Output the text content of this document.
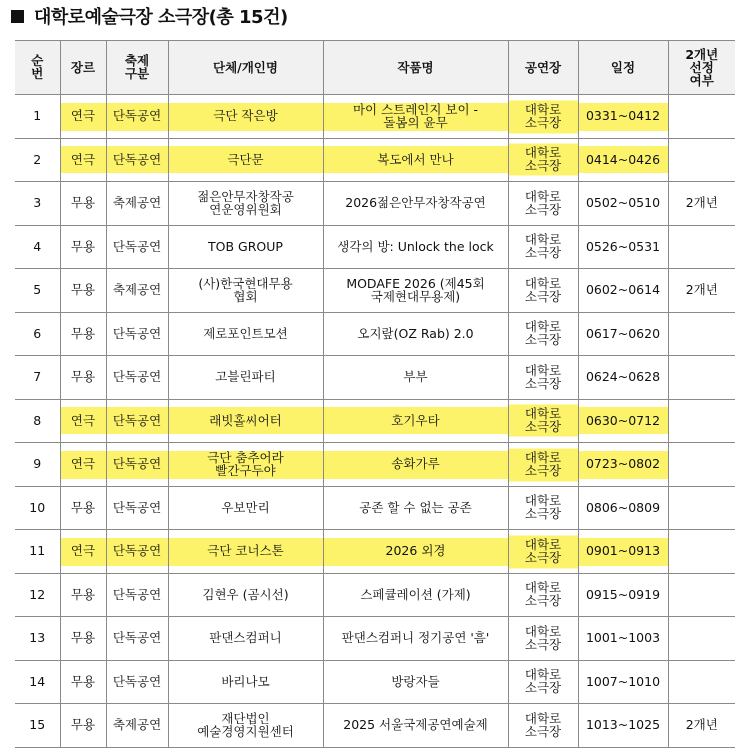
대학로예술극장 소극장(총 15건)
순
번	장르	축제
구분	단체/개인명	작품명	공연장	일정	2개년
선정
여부
1	연극	단독공연	극단 작은방	마이 스트레인지 보이 -
돌봄의 윤무	대학로
소극장	0331~0412	
2	연극	단독공연	극단문	복도에서 만나	대학로
소극장	0414~0426	
3	무용	축제공연	젊은안무자창작공
연운영위원회	2026젊은안무자창작공연	대학로
소극장	0502~0510	2개년
4	무용	단독공연	TOB GROUP	생각의 방: Unlock the lock	대학로
소극장	0526~0531	
5	무용	축제공연	(사)한국현대무용
협회	MODAFE 2026 (제45회
국제현대무용제)	대학로
소극장	0602~0614	2개년
6	무용	단독공연	제로포인트모션	오지랖(OZ Rab) 2.0	대학로
소극장	0617~0620	
7	무용	단독공연	고블린파티	부부	대학로
소극장	0624~0628	
8	연극	단독공연	래빗홀씨어터	호기우타	대학로
소극장	0630~0712	
9	연극	단독공연	극단 춤추어라
빨간구두야	송화가루	대학로
소극장	0723~0802	
10	무용	단독공연	우보만리	공존 할 수 없는 공존	대학로
소극장	0806~0809	
11	연극	단독공연	극단 코너스톤	2026 외경	대학로
소극장	0901~0913	
12	무용	단독공연	김현우 (곰시선)	스페큘레이션 (가제)	대학로
소극장	0915~0919	
13	무용	단독공연	판댄스컴퍼니	판댄스컴퍼니 정기공연 '흠'	대학로
소극장	1001~1003	
14	무용	단독공연	바리나모	방랑자들	대학로
소극장	1007~1010	
15	무용	축제공연	재단법인
예술경영지원센터	2025 서울국제공연예술제	대학로
소극장	1013~1025	2개년
